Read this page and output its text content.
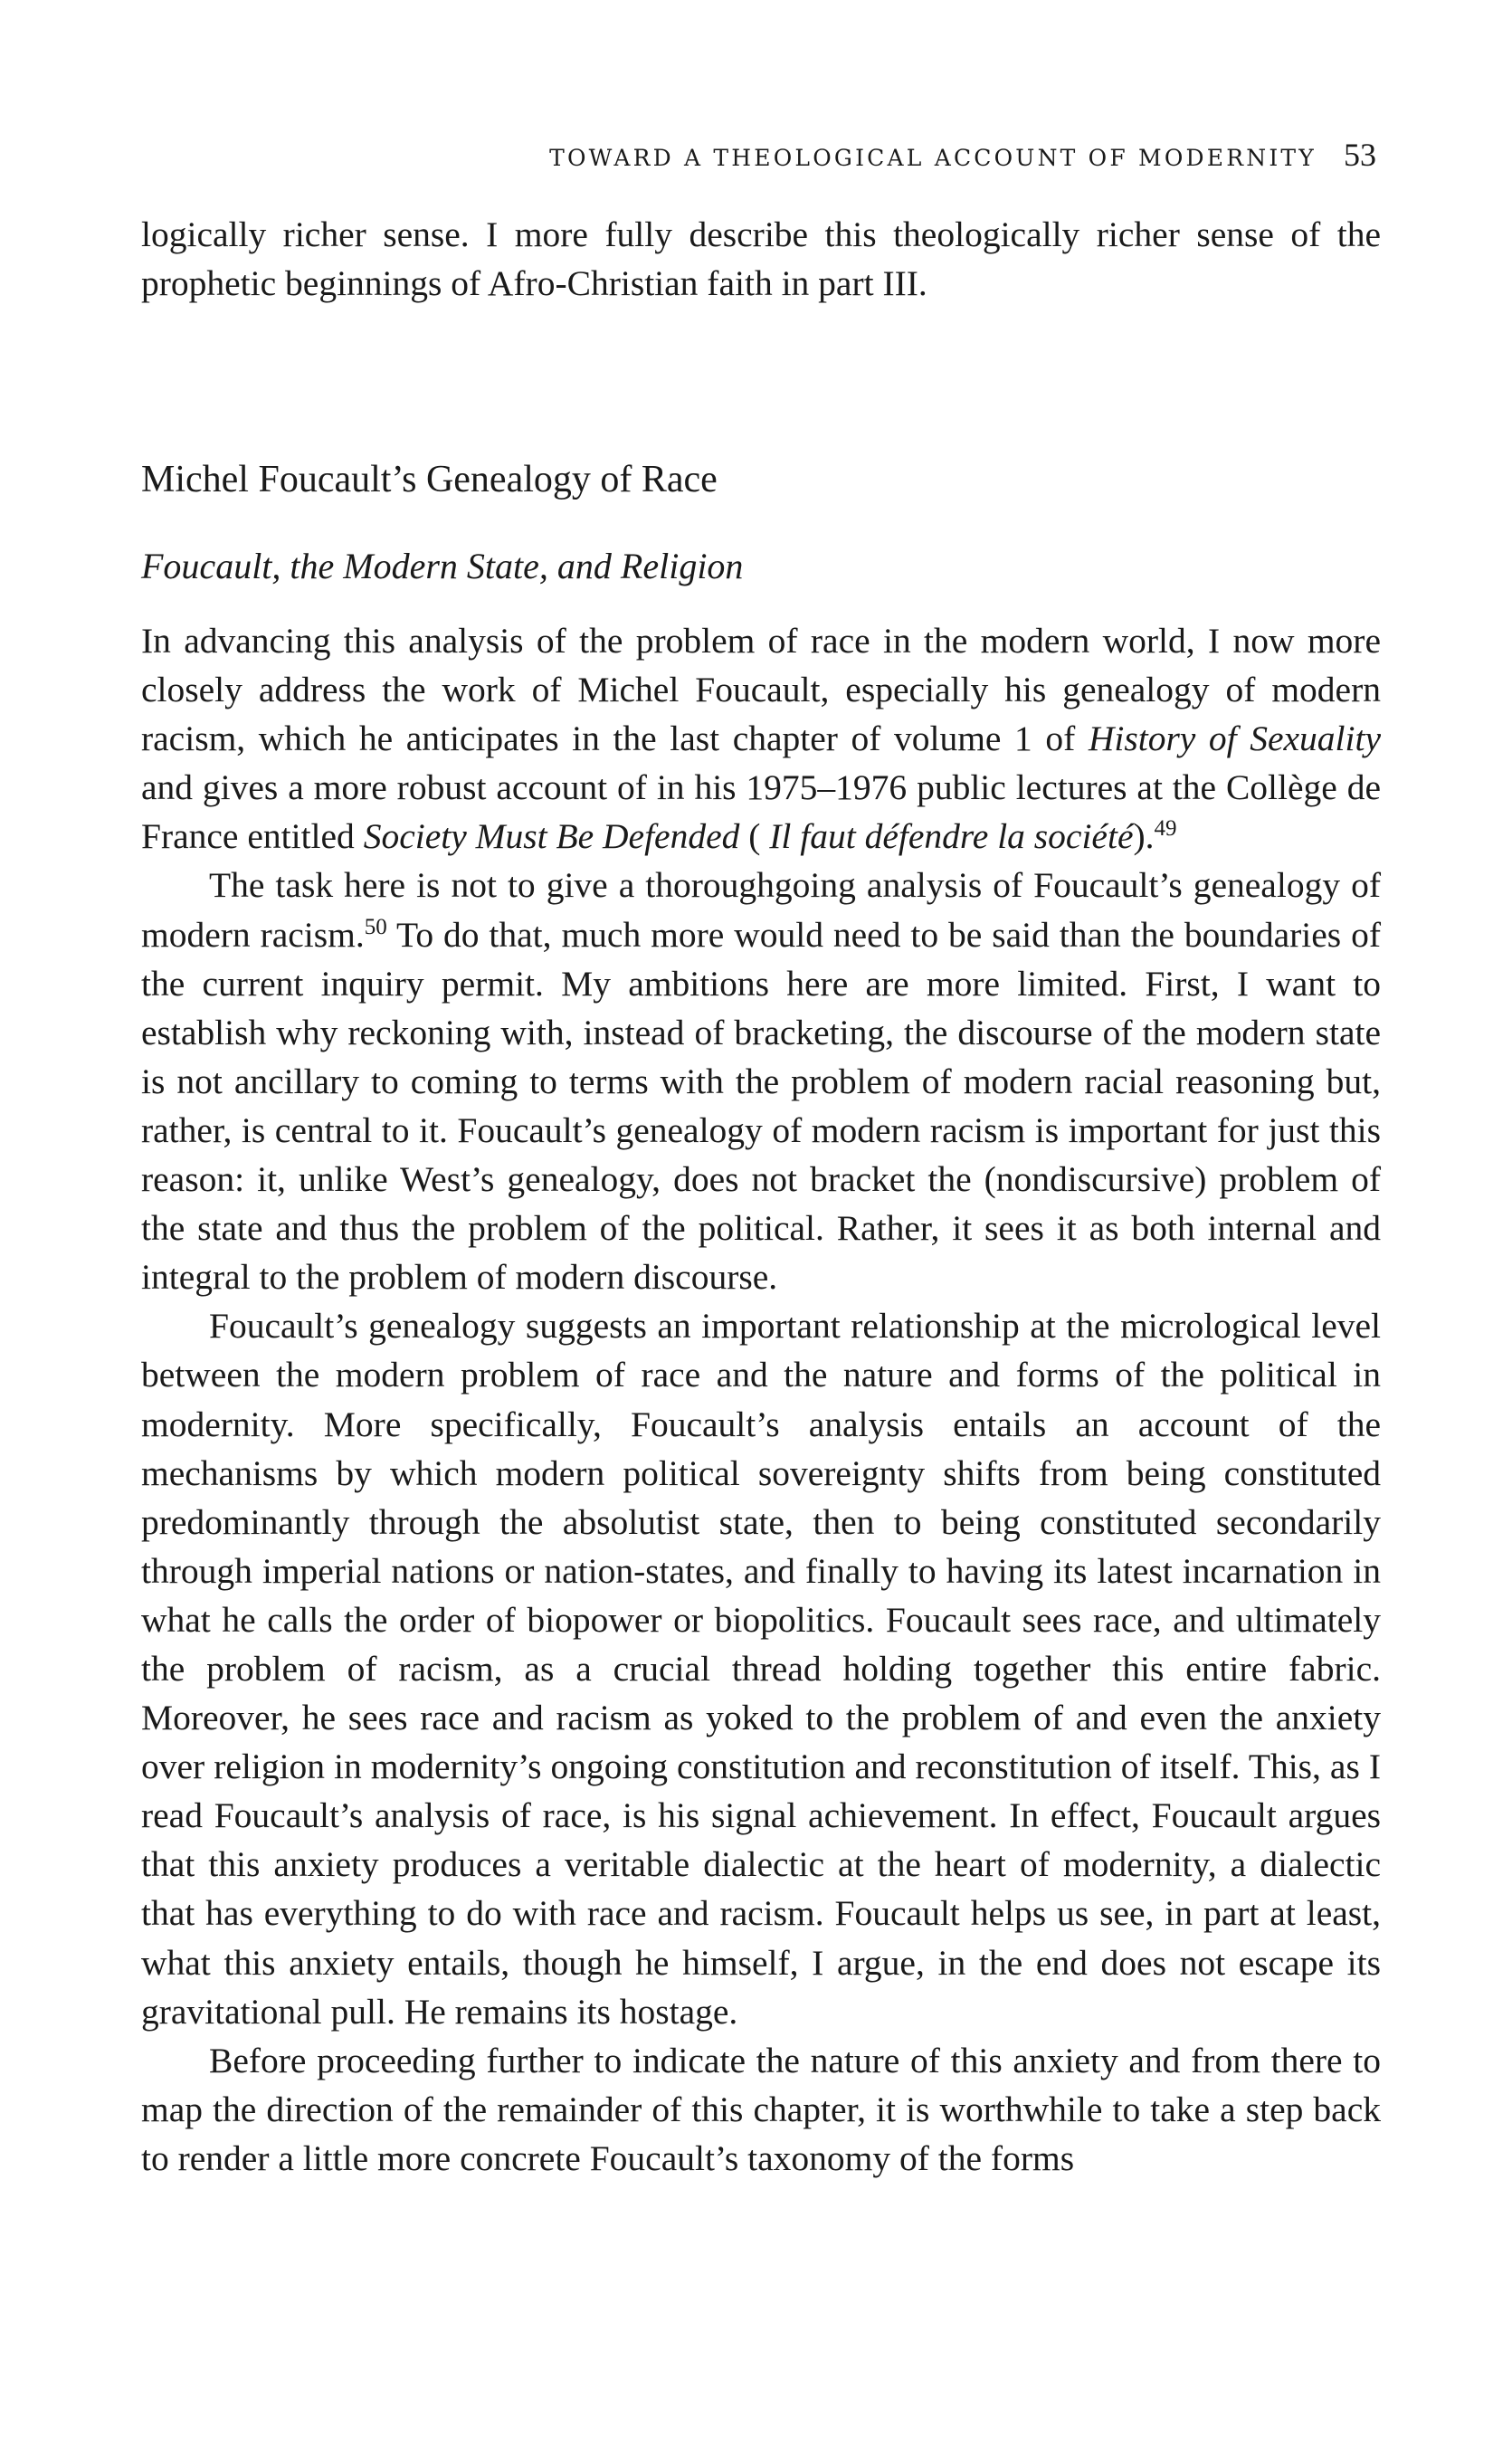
TOWARD A THEOLOGICAL ACCOUNT OF MODERNITY 53

logically richer sense. I more fully describe this theologically richer sense of the prophetic beginnings of Afro-Christian faith in part III.

Michel Foucault’s Genealogy of Race
Foucault, the Modern State, and Religion

In advancing this analysis of the problem of race in the modern world, I now more closely address the work of Michel Foucault, especially his genealogy of modern racism, which he anticipates in the last chapter of volume 1 of History of Sexuality and gives a more robust account of in his 1975–1976 public lectures at the Collège de France entitled Society Must Be Defended ( Il faut défendre la société).$^{49}$

The task here is not to give a thoroughgoing analysis of Foucault’s genealogy of modern racism.$^{50}$ To do that, much more would need to be said than the boundaries of the current inquiry permit. My ambitions here are more limited. First, I want to establish why reckoning with, instead of bracketing, the discourse of the modern state is not ancillary to coming to terms with the problem of modern racial reasoning but, rather, is central to it. Foucault’s genealogy of modern racism is important for just this reason: it, unlike West’s genealogy, does not bracket the (nondiscursive) problem of the state and thus the problem of the political. Rather, it sees it as both internal and integral to the problem of modern discourse.

Foucault’s genealogy suggests an important relationship at the micrological level between the modern problem of race and the nature and forms of the political in modernity. More specifically, Foucault’s analysis entails an account of the mechanisms by which modern political sovereignty shifts from being constituted predominantly through the absolutist state, then to being constituted secondarily through imperial nations or nation-states, and finally to having its latest incarnation in what he calls the order of biopower or biopolitics. Foucault sees race, and ultimately the problem of racism, as a crucial thread holding together this entire fabric. Moreover, he sees race and racism as yoked to the problem of and even the anxiety over religion in modernity’s ongoing constitution and reconstitution of itself. This, as I read Foucault’s analysis of race, is his signal achievement. In effect, Foucault argues that this anxiety produces a veritable dialectic at the heart of modernity, a dialectic that has everything to do with race and racism. Foucault helps us see, in part at least, what this anxiety entails, though he himself, I argue, in the end does not escape its gravitational pull. He remains its hostage.

Before proceeding further to indicate the nature of this anxiety and from there to map the direction of the remainder of this chapter, it is worthwhile to take a step back to render a little more concrete Foucault’s taxonomy of the forms
